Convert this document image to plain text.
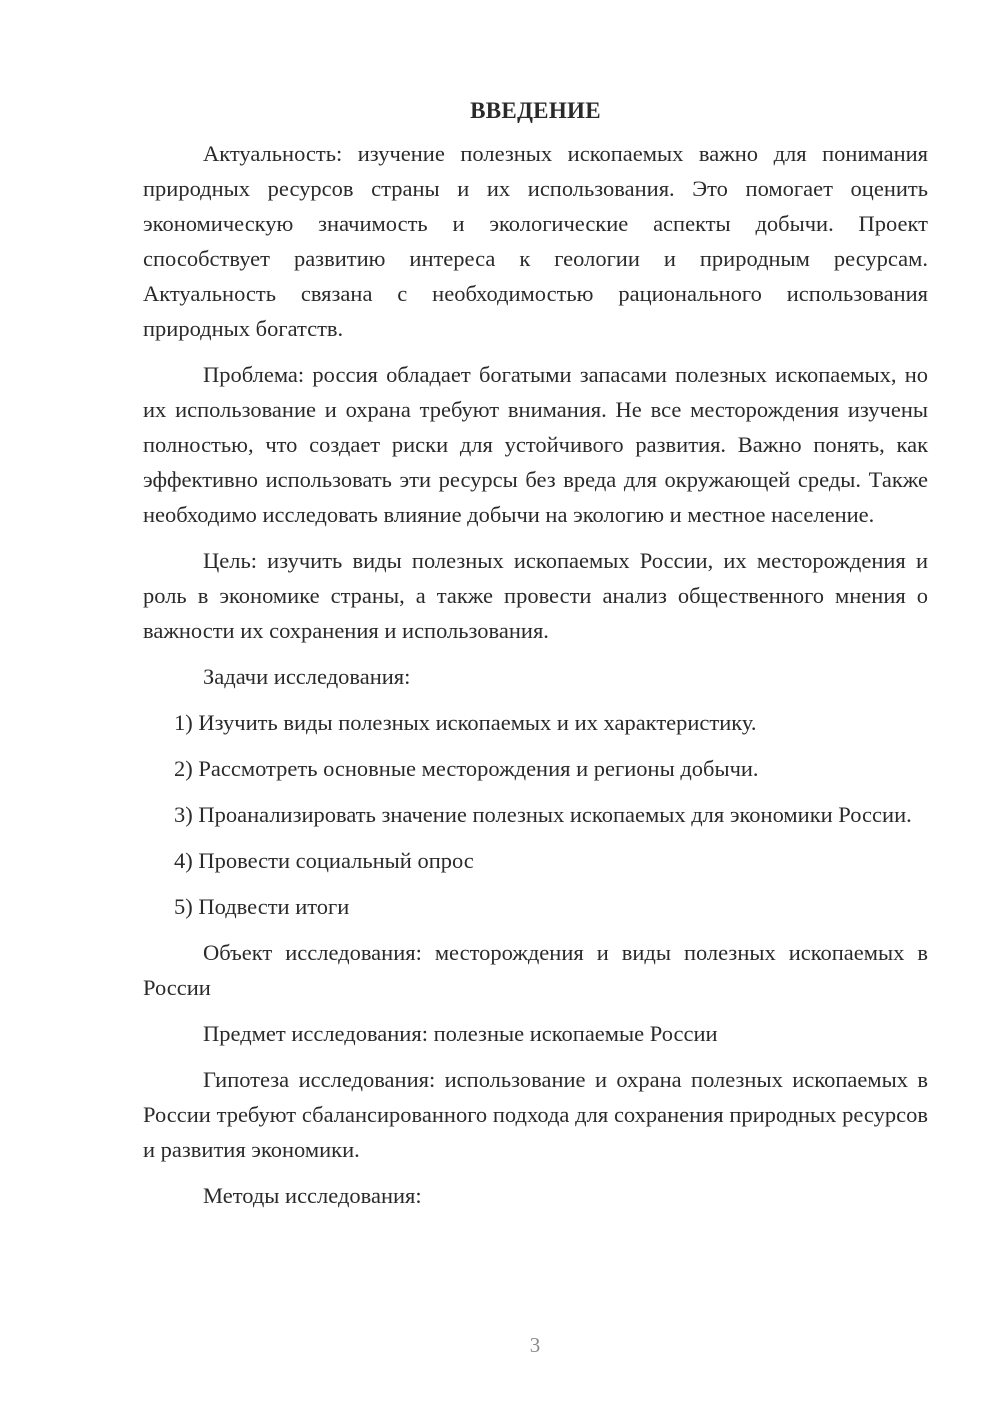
ВВЕДЕНИЕ

Актуальность: изучение полезных ископаемых важно для понимания природных ресурсов страны и их использования. Это помогает оценить экономическую значимость и экологические аспекты добычи. Проект способствует развитию интереса к геологии и природным ресурсам. Актуальность связана с необходимостью рационального использования природных богатств.

Проблема: россия обладает богатыми запасами полезных ископаемых, но их использование и охрана требуют внимания. Не все месторождения изучены полностью, что создает риски для устойчивого развития. Важно понять, как эффективно использовать эти ресурсы без вреда для окружающей среды. Также необходимо исследовать влияние добычи на экологию и местное население.

Цель: изучить виды полезных ископаемых России, их месторождения и роль в экономике страны, а также провести анализ общественного мнения о важности их сохранения и использования.

Задачи исследования:

1) Изучить виды полезных ископаемых и их характеристику.

2) Рассмотреть основные месторождения и регионы добычи.

3) Проанализировать значение полезных ископаемых для экономики России.

4) Провести социальный опрос

5) Подвести итоги

Объект исследования: месторождения и виды полезных ископаемых в России

Предмет исследования: полезные ископаемые России

Гипотеза исследования: использование и охрана полезных ископаемых в России требуют сбалансированного подхода для сохранения природных ресурсов и развития экономики.

Методы исследования:

3
